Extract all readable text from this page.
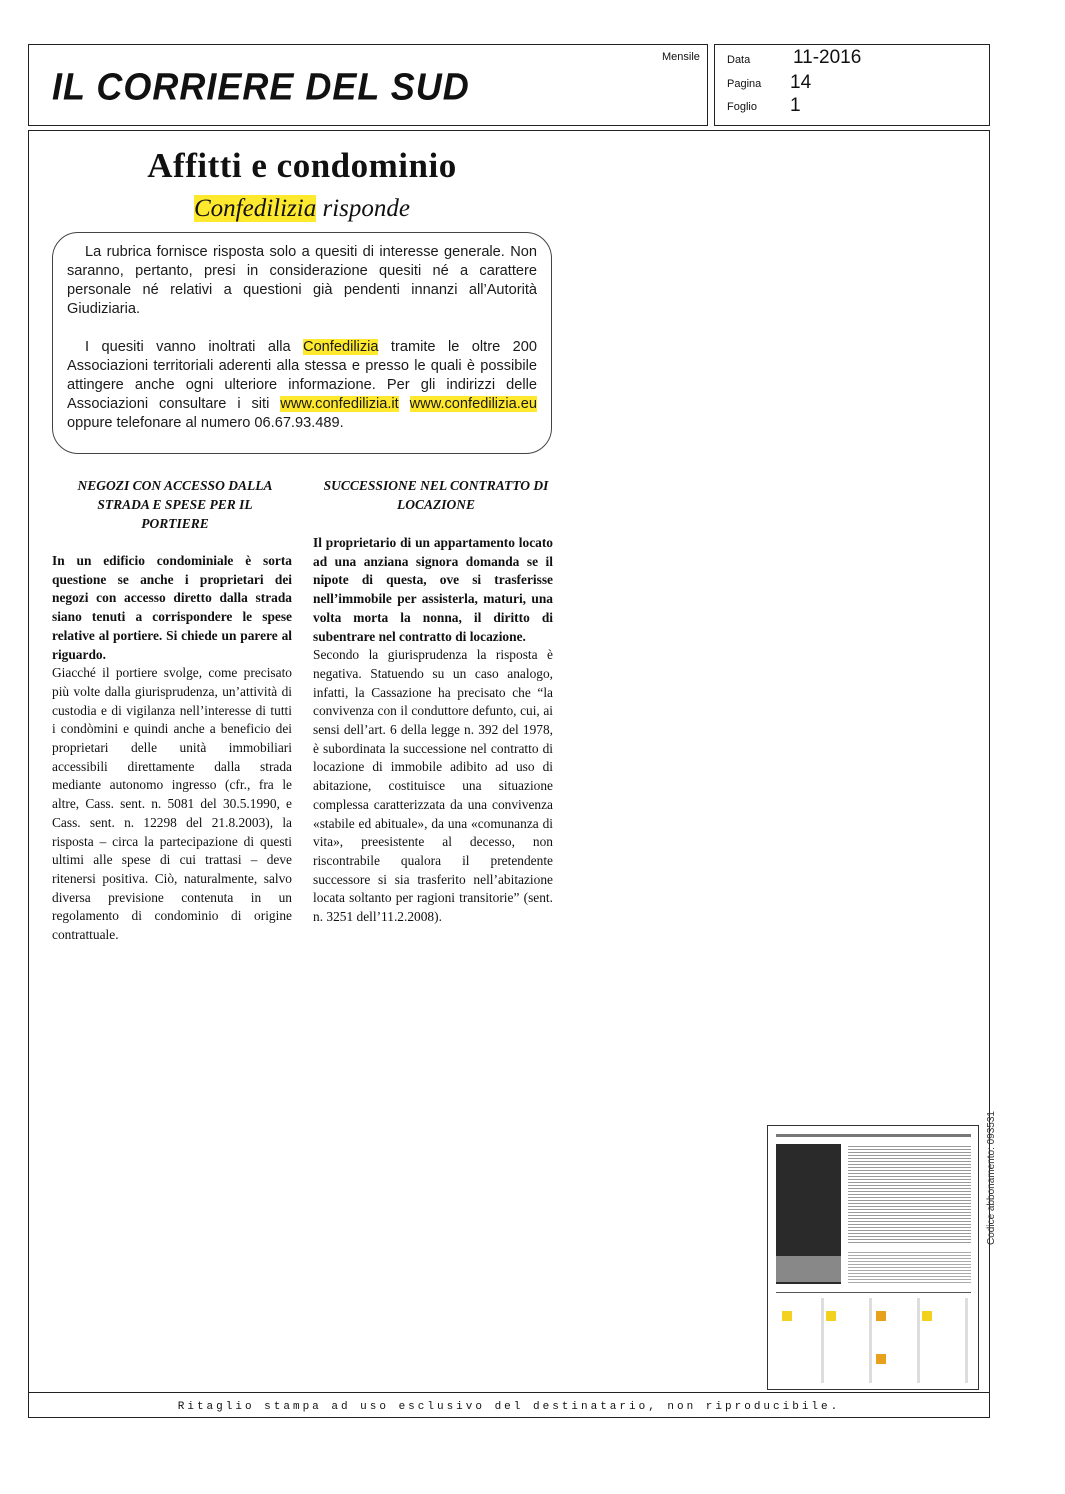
IL CORRIERE DEL SUD
Mensile Data 11-2016
Pagina 14
Foglio 1
Affitti e condominio
Confedilizia risponde

La rubrica fornisce risposta solo a quesiti di interesse generale. Non saranno, pertanto, presi in considerazione quesiti né a carattere personale né relativi a questioni già pendenti innanzi all’Autorità Giudiziaria.

I quesiti vanno inoltrati alla Confedilizia tramite le oltre 200 Associazioni territoriali aderenti alla stessa e presso le quali è possibile attingere anche ogni ulteriore informazione. Per gli indirizzi delle Associazioni consultare i siti www.confedilizia.it www.confedilizia.eu oppure telefonare al numero 06.67.93.489.

NEGOZI CON ACCESSO DALLA STRADA E SPESE PER IL PORTIERE

In un edificio condominiale è sorta questione se anche i proprietari dei negozi con accesso diretto dalla strada siano tenuti a corrispondere le spese relative al portiere. Si chiede un parere al riguardo.

Giacché il portiere svolge, come precisato più volte dalla giurisprudenza, un’attività di custodia e di vigilanza nell’interesse di tutti i condòmini e quindi anche a beneficio dei proprietari delle unità immobiliari accessibili direttamente dalla strada mediante autonomo ingresso (cfr., fra le altre, Cass. sent. n. 5081 del 30.5.1990, e Cass. sent. n. 12298 del 21.8.2003), la risposta – circa la partecipazione di questi ultimi alle spese di cui trattasi – deve ritenersi positiva. Ciò, naturalmente, salvo diversa previsione contenuta in un regolamento di condominio di origine contrattuale.

SUCCESSIONE NEL CONTRATTO DI LOCAZIONE

Il proprietario di un appartamento locato ad una anziana signora domanda se il nipote di questa, ove si trasferisse nell’immobile per assisterla, maturi, una volta morta la nonna, il diritto di subentrare nel contratto di locazione.

Secondo la giurisprudenza la risposta è negativa. Statuendo su un caso analogo, infatti, la Cassazione ha precisato che “la convivenza con il conduttore defunto, cui, ai sensi dell’art. 6 della legge n. 392 del 1978, è subordinata la successione nel contratto di locazione di immobile adibito ad uso di abitazione, costituisce una situazione complessa caratterizzata da una convivenza «stabile ed abituale», da una «comunanza di vita», preesistente al decesso, non riscontrabile qualora il pretendente successore si sia trasferito nell’abitazione locata soltanto per ragioni transitorie” (sent. n. 3251 dell’11.2.2008).

Codice abbonamento: 093531
Ritaglio stampa ad uso esclusivo del destinatario, non riproducibile.
